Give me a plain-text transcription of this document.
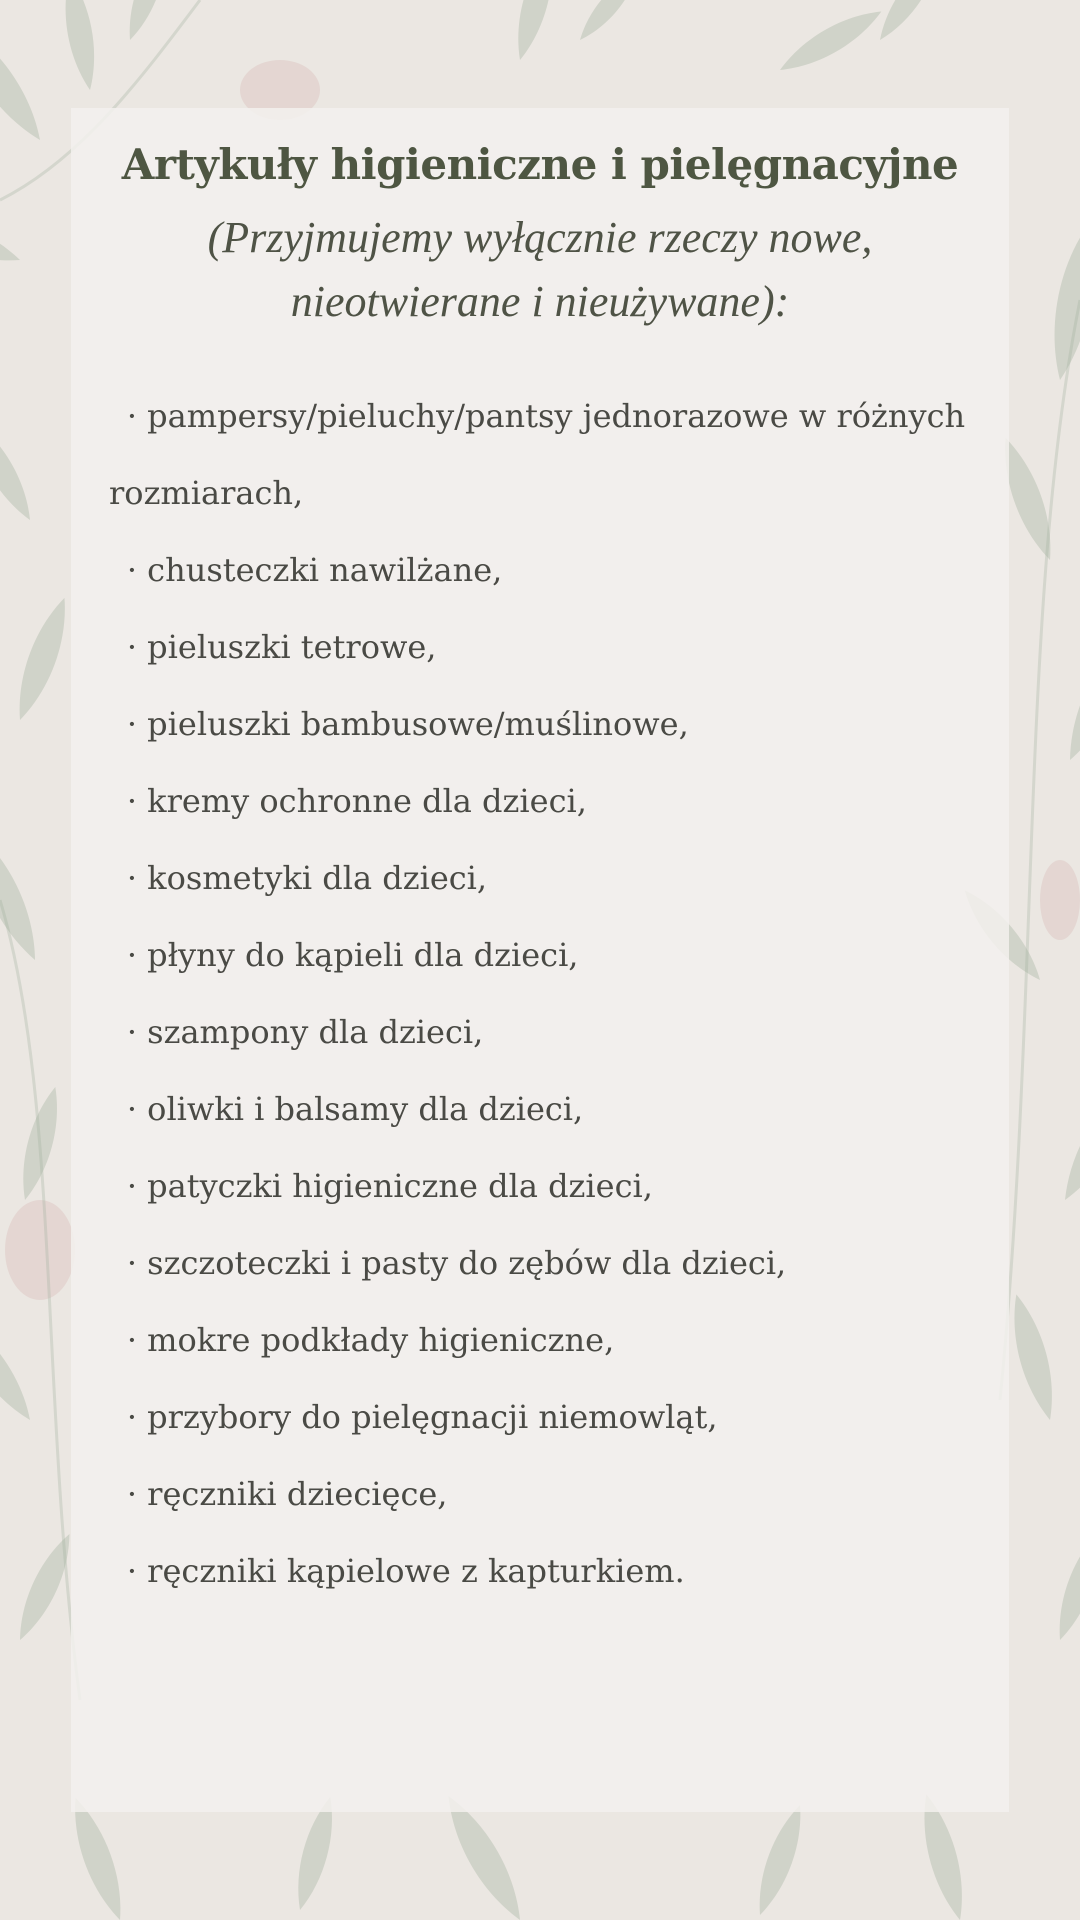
Artykuły higieniczne i pielęgnacyjne
(Przyjmujemy wyłącznie rzeczy nowe, nieotwierane i nieużywane):
· pampersy/pieluchy/pantsy jednorazowe w różnych rozmiarach,
· chusteczki nawilżane,
· pieluszki tetrowe,
· pieluszki bambusowe/muślinowe,
· kremy ochronne dla dzieci,
· kosmetyki dla dzieci,
· płyny do kąpieli dla dzieci,
· szampony dla dzieci,
· oliwki i balsamy dla dzieci,
· patyczki higieniczne dla dzieci,
· szczoteczki i pasty do zębów dla dzieci,
· mokre podkłady higieniczne,
· przybory do pielęgnacji niemowląt,
· ręczniki dziecięce,
· ręczniki kąpielowe z kapturkiem.
